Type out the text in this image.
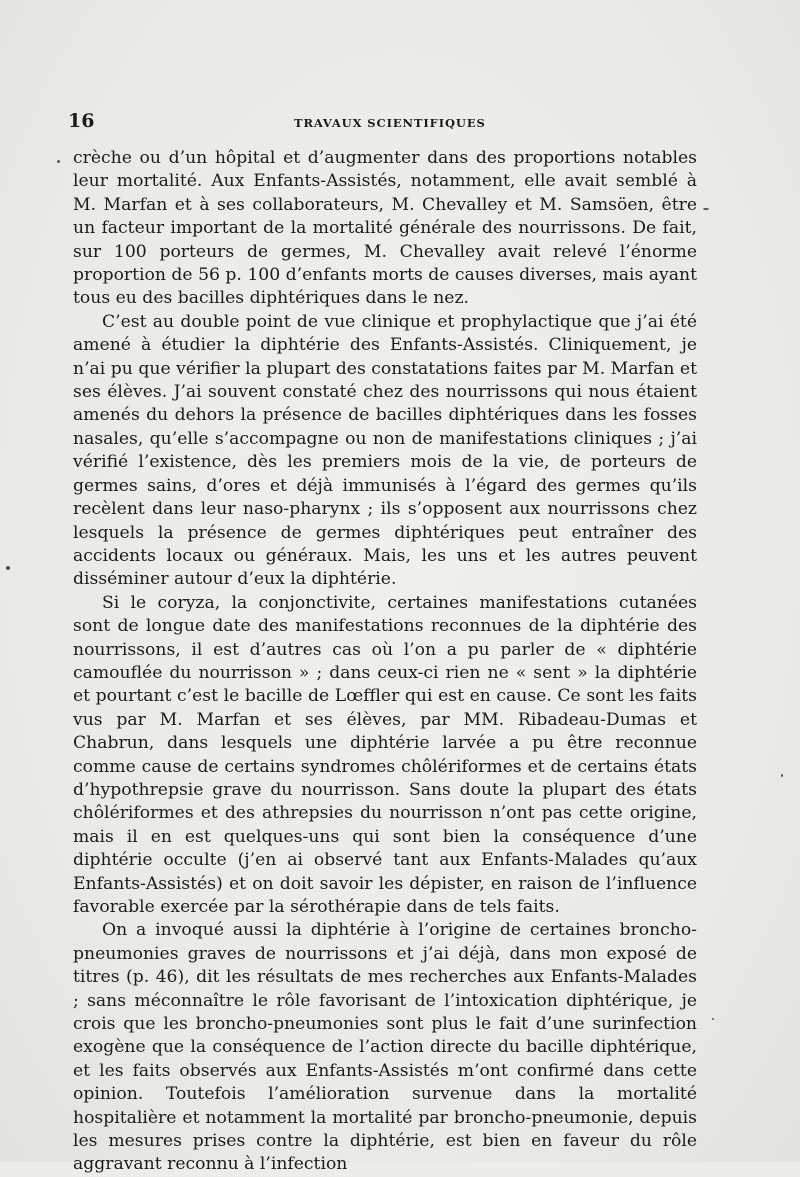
16	TRAVAUX SCIENTIFIQUES

crèche ou d’un hôpital et d’augmenter dans des proportions notables leur mortalité. Aux Enfants-Assistés, notamment, elle avait semblé à M. Marfan et à ses collaborateurs, M. Chevalley et M. Samsöen, être un facteur important de la mortalité générale des nourrissons. De fait, sur 100 porteurs de germes, M. Chevalley avait relevé l’énorme proportion de 56 p. 100 d’enfants morts de causes diverses, mais ayant tous eu des bacilles diphtériques dans le nez.

C’est au double point de vue clinique et prophylactique que j’ai été amené à étudier la diphtérie des Enfants-Assistés. Cliniquement, je n’ai pu que vérifier la plupart des constatations faites par M. Marfan et ses élèves. J’ai souvent constaté chez des nourrissons qui nous étaient amenés du dehors la présence de bacilles diphtériques dans les fosses nasales, qu’elle s’accompagne ou non de manifestations cliniques ; j’ai vérifié l’existence, dès les premiers mois de la vie, de porteurs de germes sains, d’ores et déjà immunisés à l’égard des germes qu’ils recèlent dans leur naso-pharynx ; ils s’opposent aux nourrissons chez lesquels la présence de germes diphtériques peut entraîner des accidents locaux ou généraux. Mais, les uns et les autres peuvent disséminer autour d’eux la diphtérie.

Si le coryza, la conjonctivite, certaines manifestations cutanées sont de longue date des manifestations reconnues de la diphtérie des nourrissons, il est d’autres cas où l’on a pu parler de « diphtérie camouflée du nourrisson » ; dans ceux-ci rien ne « sent » la diphtérie et pourtant c’est le bacille de Lœffler qui est en cause. Ce sont les faits vus par M. Marfan et ses élèves, par MM. Ribadeau-Dumas et Chabrun, dans lesquels une diphtérie larvée a pu être reconnue comme cause de certains syndromes chôlériformes et de certains états d’hypothrepsie grave du nourrisson. Sans doute la plupart des états chôlériformes et des athrepsies du nourrisson n’ont pas cette origine, mais il en est quelques-uns qui sont bien la conséquence d’une diphtérie occulte (j’en ai observé tant aux Enfants-Malades qu’aux Enfants-Assistés) et on doit savoir les dépister, en raison de l’influence favorable exercée par la sérothérapie dans de tels faits.

On a invoqué aussi la diphtérie à l’origine de certaines broncho-pneumonies graves de nourrissons et j’ai déjà, dans mon exposé de titres (p. 46), dit les résultats de mes recherches aux Enfants-Malades ; sans méconnaître le rôle favorisant de l’intoxication diphtérique, je crois que les broncho-pneumonies sont plus le fait d’une surinfection exogène que la conséquence de l’action directe du bacille diphtérique, et les faits observés aux Enfants-Assistés m’ont confirmé dans cette opinion. Toutefois l’amélioration survenue dans la mortalité hospitalière et notamment la mortalité par broncho-pneumonie, depuis les mesures prises contre la diphtérie, est bien en faveur du rôle aggravant reconnu à l’infection
